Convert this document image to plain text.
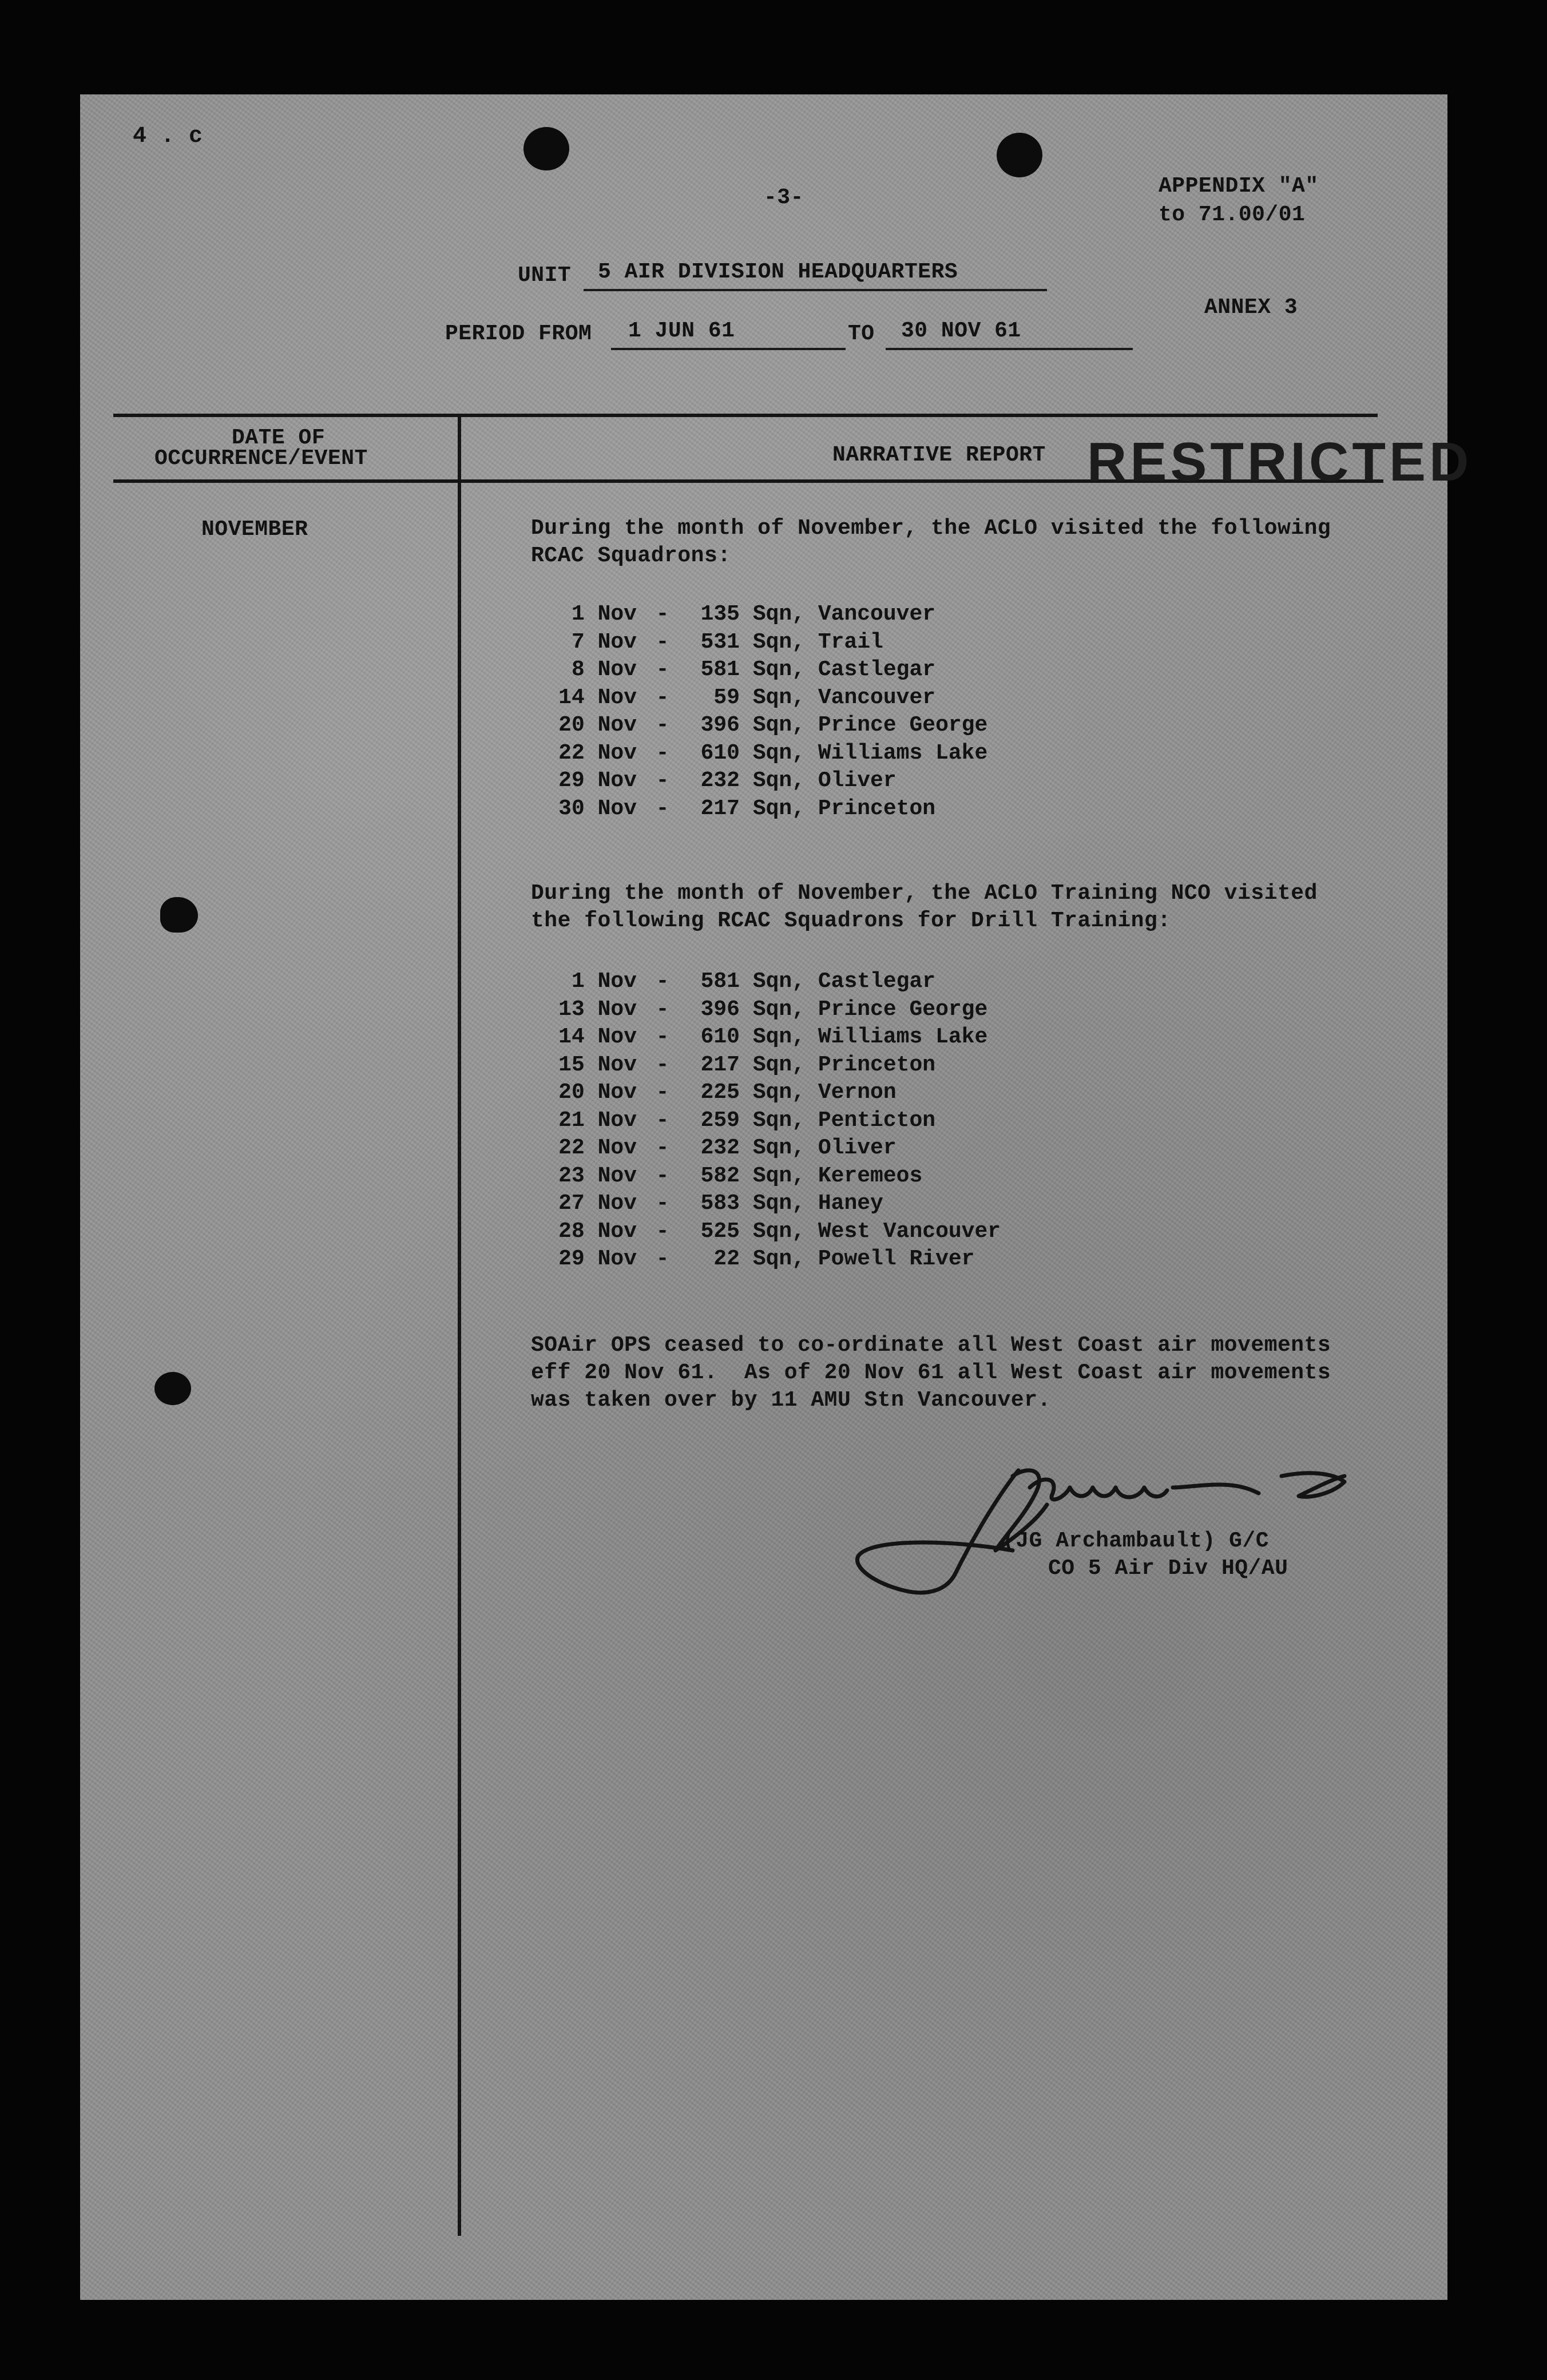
4 . c
-3-	APPENDIX "A"
to 71.00/01
ANNEX 3
UNIT 5 AIR DIVISION HEADQUARTERS
PERIOD FROM 1 JUN 61	TO 30 NOV 61
DATE OF
OCCURRENCE/EVENT	NARRATIVE REPORT RESTRICTED
NOVEMBER	During the month of November, the ACLO visited the following
RCAC Squadrons:
1 Nov - 135 Sqn, Vancouver
7 Nov - 531 Sqn, Trail
8 Nov - 581 Sqn, Castlegar
14 Nov - 59 Sqn, Vancouver
20 Nov - 396 Sqn, Prince George
22 Nov - 610 Sqn, Williams Lake
29 Nov - 232 Sqn, Oliver
30 Nov - 217 Sqn, Princeton
During the month of November, the ACLO Training NCO visited
the following RCAC Squadrons for Drill Training:
1 Nov - 581 Sqn, Castlegar
13 Nov - 396 Sqn, Prince George
14 Nov - 610 Sqn, Williams Lake
15 Nov - 217 Sqn, Princeton
20 Nov - 225 Sqn, Vernon
21 Nov - 259 Sqn, Penticton
22 Nov - 232 Sqn, Oliver
23 Nov - 582 Sqn, Keremeos
27 Nov - 583 Sqn, Haney
28 Nov - 525 Sqn, West Vancouver
29 Nov - 22 Sqn, Powell River
SOAir OPS ceased to co-ordinate all West Coast air movements
eff 20 Nov 61.  As of 20 Nov 61 all West Coast air movements
was taken over by 11 AMU Stn Vancouver.
(JG Archambault) G/C
CO 5 Air Div HQ/AU
